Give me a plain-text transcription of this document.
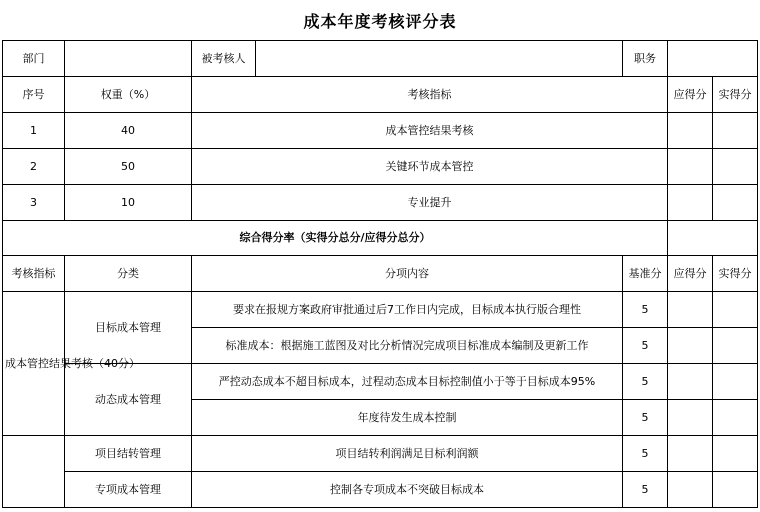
成本年度考核评分表
部门		被考核人		职务		
序号	权重（%）	考核指标			应得分	实得分
1	40	成本管控结果考核				
2	50	关键环节成本管控				
3	10	专业提升				
综合得分率（实得分总分/应得分总分）						
考核指标	分类	分项内容		基准分	应得分	实得分
成本管控结果考核（40分）	目标成本管理	要求在报规方案政府审批通过后7工作日内完成，目标成本执行版合理性		5		
		标准成本：根据施工蓝图及对比分析情况完成项目标准成本编制及更新工作		5		
	动态成本管理	严控动态成本不超目标成本，过程动态成本目标控制值小于等于目标成本95%		5		
		年度待发生成本控制		5		
	项目结转管理	项目结转利润满足目标利润额		5		
	专项成本管理	控制各专项成本不突破目标成本		5		
